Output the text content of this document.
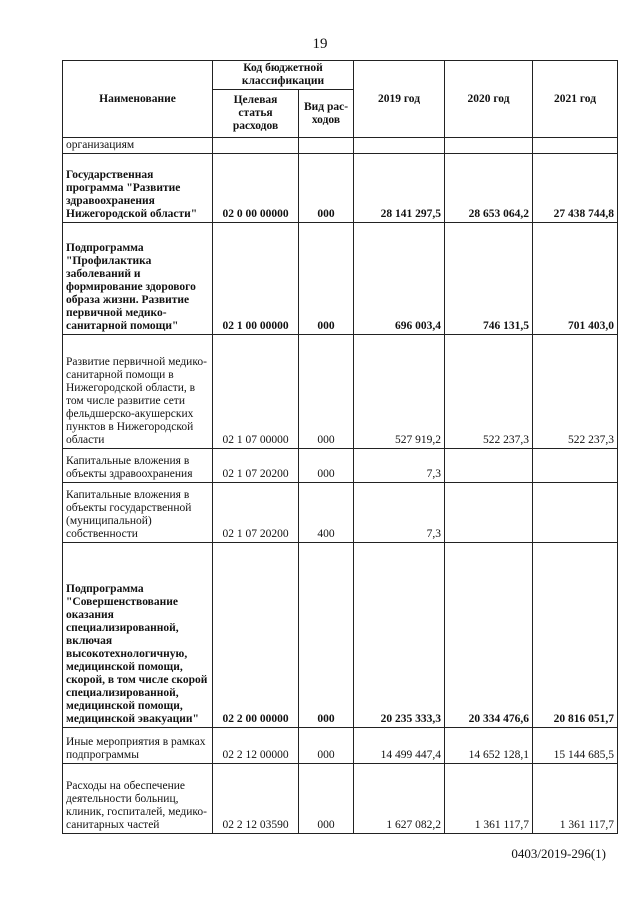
19
Наименование	Код бюджетной классификации		2019 год	2020 год	2021 год
	Целевая статья расходов	Вид рас-ходов			
организациям					
Государственная программа "Развитие здравоохранения Нижегородской области"	02 0 00 00000	000	28 141 297,5	28 653 064,2	27 438 744,8
Подпрограмма "Профилактика заболеваний и формирование здорового образа жизни. Развитие первичной медико-санитарной помощи"	02 1 00 00000	000	696 003,4	746 131,5	701 403,0
Развитие первичной медико-санитарной помощи в Нижегородской области, в том числе развитие сети фельдшерско-акушерских пунктов в Нижегородской области	02 1 07 00000	000	527 919,2	522 237,3	522 237,3
Капитальные вложения в объекты здравоохранения	02 1 07 20200	000	7,3		
Капитальные вложения в объекты государственной (муниципальной) собственности	02 1 07 20200	400	7,3		
Подпрограмма "Совершенствование оказания специализированной, включая высокотехнологичную, медицинской помощи, скорой, в том числе скорой специализированной, медицинской помощи, медицинской эвакуации"	02 2 00 00000	000	20 235 333,3	20 334 476,6	20 816 051,7
Иные мероприятия в рамках подпрограммы	02 2 12 00000	000	14 499 447,4	14 652 128,1	15 144 685,5
Расходы на обеспечение деятельности больниц, клиник, госпиталей, медико-санитарных частей	02 2 12 03590	000	1 627 082,2	1 361 117,7	1 361 117,7
0403/2019-296(1)
